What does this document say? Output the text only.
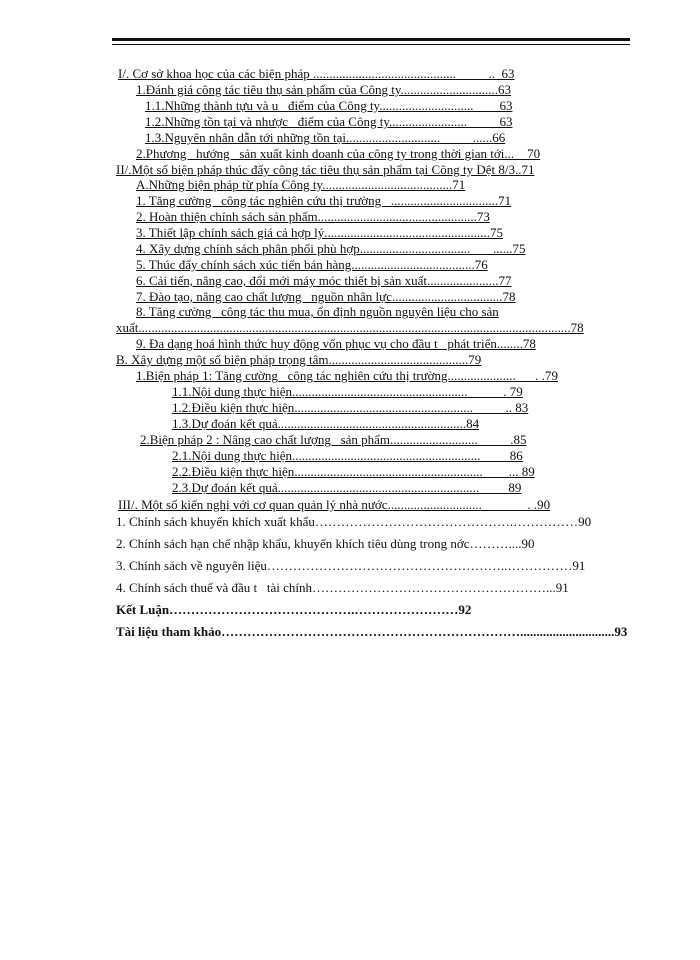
I/. Cơ sở khoa học của các biện pháp ............................................          ..  63
1.Đánh giá công tác tiêu thụ sản phẩm của Công ty..............................63
1.1.Những thành tựu và u   điểm của Công ty.............................        63
1.2.Những tồn tại và nhược   điểm của Công ty........................          63
1.3.Nguyên nhân dẫn tới những tồn tại.............................          ......66
2.Phương   hướng   sản xuất kinh doanh của công ty trong thời gian tới...    70
II/.Một số biện pháp thúc đẩy công tác tiêu thụ sản phẩm tại Công ty Dệt 8/3..71
A.Những biện pháp từ phía Công ty........................................71
1. Tăng cường   công tác nghiên cứu thị trường   .................................71
2. Hoàn thiện chính sách sản phẩm.................................................73
3. Thiết lập chính sách giá cả hợp lý...................................................75
4. Xây dựng chính sách phân phối phù hợp..................................       ......75
5. Thúc đẩy chính sách xúc tiến bán hàng......................................76
6. Cải tiến, nâng cao, đổi mới máy móc thiết bị sản xuất......................77
7. Đào tạo, nâng cao chất lượng   nguồn nhân lực..................................78
8. Tăng cường   công tác thu mua, ổn định nguồn nguyên liệu cho sản
xuất.....................................................................................................................................78
9. Đa dạng hoá hình thức huy động vốn phục vụ cho đầu t   phát triển........78
B. Xây dựng một số biện pháp trọng tâm...........................................79
1.Biện pháp 1: Tăng cường   công tác nghiên cứu thị trường.....................      . .79
1.1.Nội dung thực hiện......................................................           . 79
1.2.Điều kiện thực hiện.......................................................          .. 83
1.3.Dự đoán kết quả..........................................................84
2.Biện pháp 2 : Nâng cao chất lượng   sản phẩm...........................          .85
2.1.Nội dung thực hiện..........................................................         86
2.2.Điều kiện thực hiện..........................................................        ... 89
2.3.Dự đoán kết quả..............................................................         89
III/. Một số kiến nghị với cơ quan quản lý nhà nước.............................              . .90
1. Chính sách khuyến khích xuất khẩu……………………………………….……………90
2. Chính sách hạn chế nhập khẩu, khuyến khích tiêu dùng trong nớc………....90
3. Chính sách về nguyên liệu………………………………………………..……………91
4. Chính sách thuế và đầu t   tài chính………………………………………………...91
Kết Luận…………………………………….……………………92
Tài liệu tham khảo…………………………………………………………….............................93
